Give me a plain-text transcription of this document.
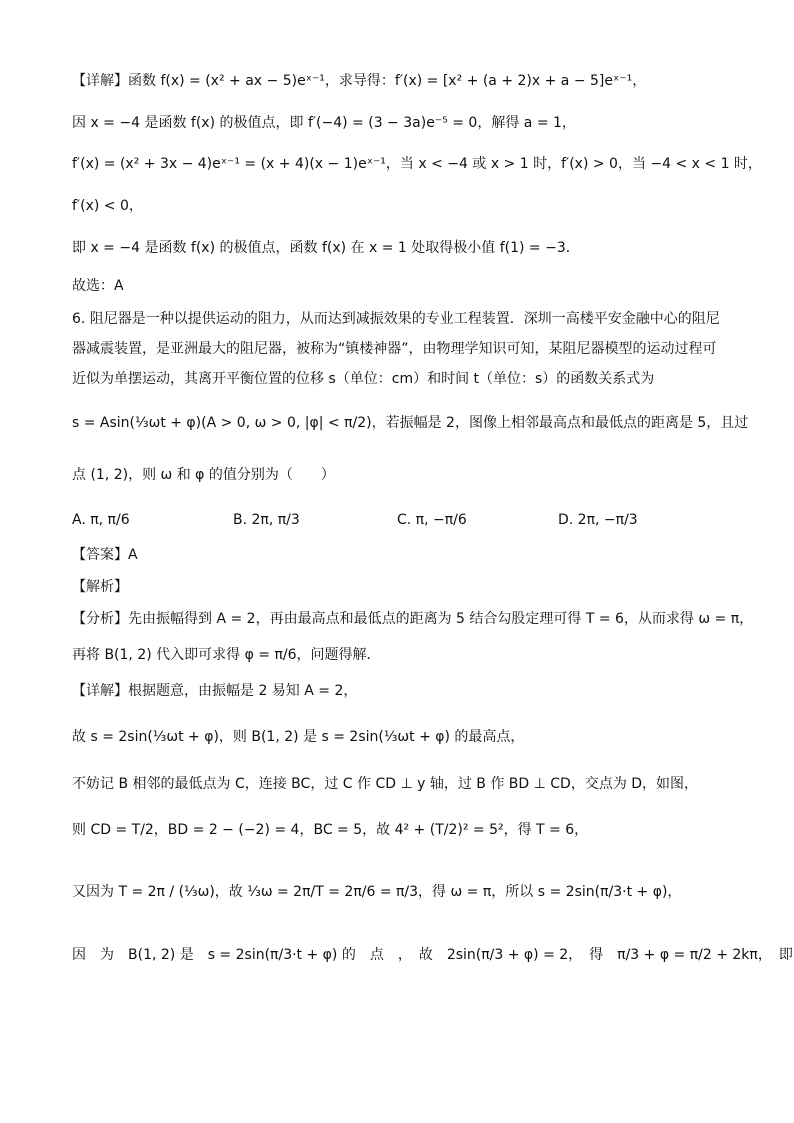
【详解】函数 f(x) = (x² + ax − 5)eˣ⁻¹，求导得：f′(x) = [x² + (a + 2)x + a − 5]eˣ⁻¹，
因 x = −4 是函数 f(x) 的极值点，即 f′(−4) = (3 − 3a)e⁻⁵ = 0，解得 a = 1，
f′(x) = (x² + 3x − 4)eˣ⁻¹ = (x + 4)(x − 1)eˣ⁻¹，当 x < −4 或 x > 1 时，f′(x) > 0，当 −4 < x < 1 时，
f′(x) < 0，
即 x = −4 是函数 f(x) 的极值点，函数 f(x) 在 x = 1 处取得极小值 f(1) = −3．
故选：A
6. 阻尼器是一种以提供运动的阻力，从而达到减振效果的专业工程装置．深圳一高楼平安金融中心的阻尼
器减震装置，是亚洲最大的阻尼器，被称为“镇楼神器”，由物理学知识可知，某阻尼器模型的运动过程可
近似为单摆运动，其离开平衡位置的位移 s（单位：cm）和时间 t（单位：s）的函数关系式为
s = Asin(⅓ωt + φ)(A > 0, ω > 0, |φ| < π/2)，若振幅是 2，图像上相邻最高点和最低点的距离是 5，且过
点 (1, 2)，则 ω 和 φ 的值分别为（　　）
A. π, π/6	B. 2π, π/3	C. π, −π/6	D. 2π, −π/3
【答案】A
【解析】
【分析】先由振幅得到 A = 2，再由最高点和最低点的距离为 5 结合勾股定理可得 T = 6，从而求得 ω = π，
再将 B(1, 2) 代入即可求得 φ = π/6，问题得解．
【详解】根据题意，由振幅是 2 易知 A = 2，
故 s = 2sin(⅓ωt + φ)，则 B(1, 2) 是 s = 2sin(⅓ωt + φ) 的最高点，
不妨记 B 相邻的最低点为 C，连接 BC，过 C 作 CD ⊥ y 轴，过 B 作 BD ⊥ CD，交点为 D，如图，
则 CD = T/2，BD = 2 − (−2) = 4，BC = 5，故 4² + (T/2)² = 5²，得 T = 6，
又因为 T = 2π / (⅓ω)，故 ⅓ω = 2π/T = 2π/6 = π/3，得 ω = π，所以 s = 2sin(π/3·t + φ)，
因　为　B(1, 2) 是　s = 2sin(π/3·t + φ) 的　点　，　故　2sin(π/3 + φ) = 2，　得　π/3 + φ = π/2 + 2kπ，　即
